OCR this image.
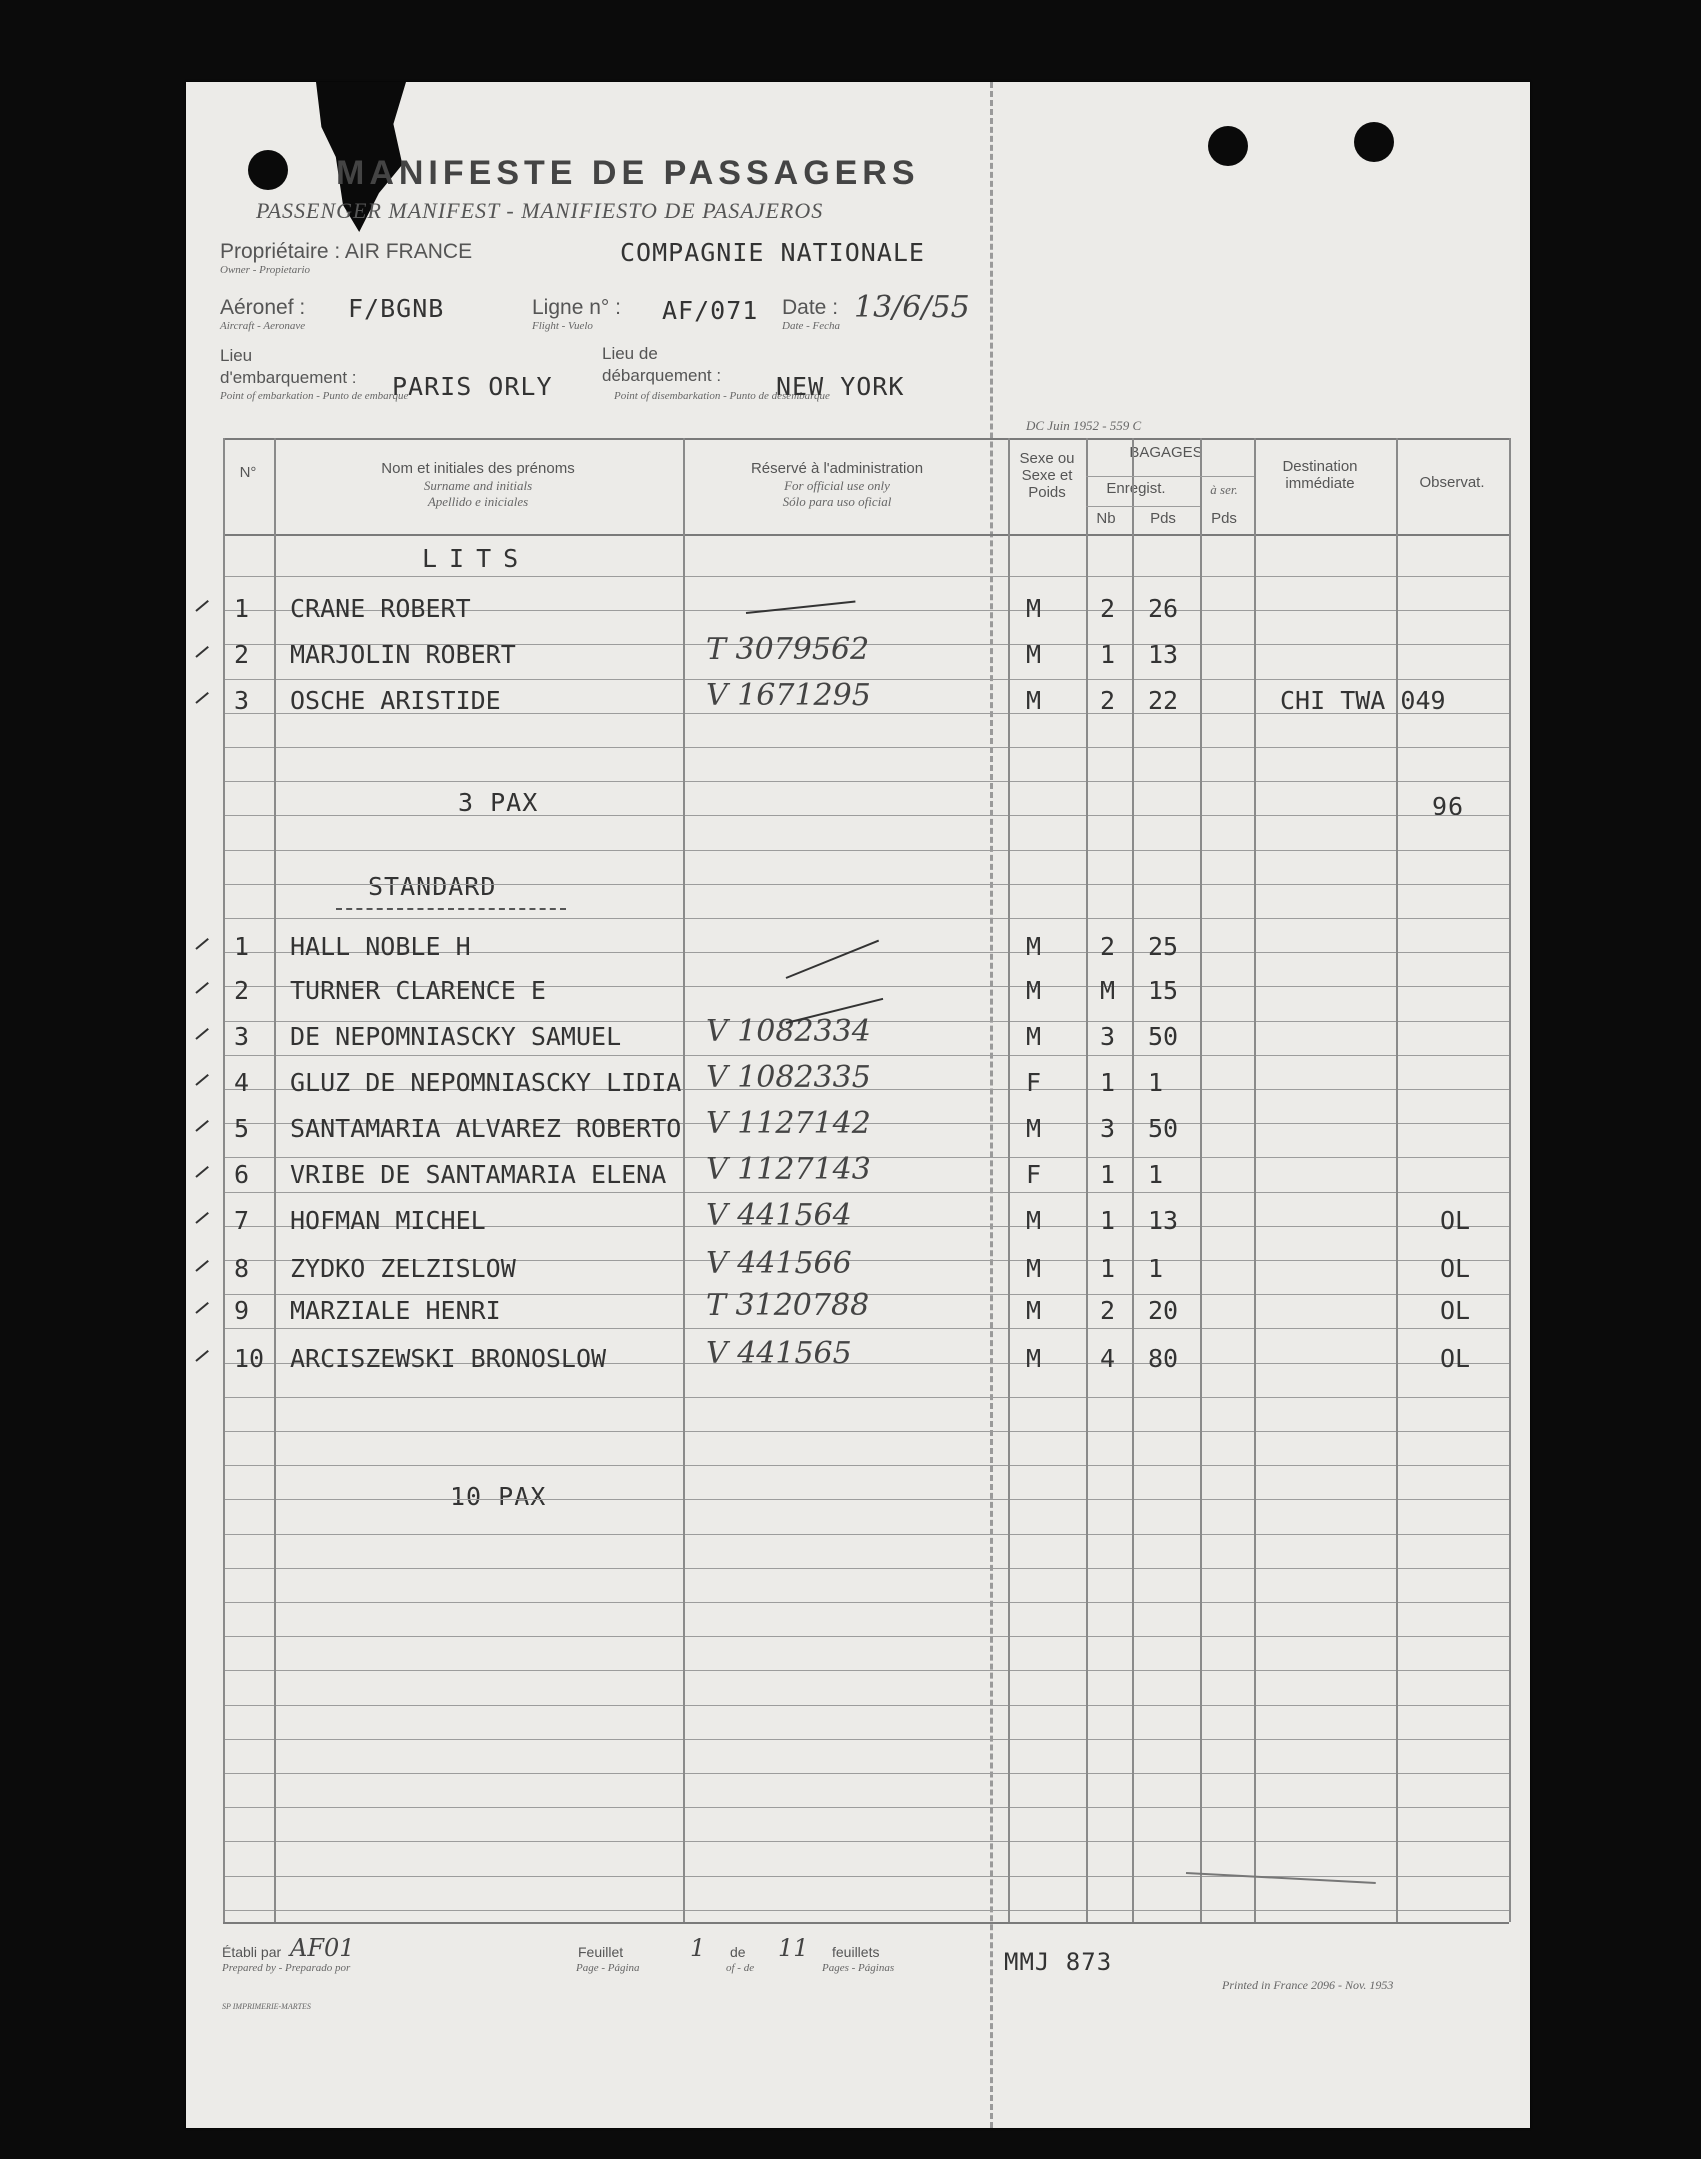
MANIFESTE DE PASSAGERS
PASSENGER MANIFEST - MANIFIESTO DE PASAJEROS
Propriétaire : AIR FRANCE
Owner - Propietario
COMPAGNIE NATIONALE
Aéronef :
Aircraft - Aeronave
F/BGNB	Ligne n° :
Flight - Vuelo
AF/071 Date :
Date - Fecha
13/6/55
Lieu
d'embarquement :
Point of embarkation - Punto de embarque
PARIS ORLY
Lieu de
débarquement :
Point of disembarkation - Punto de desembarque
NEW YORK
DC Juin 1952 - 559 C
N°	Nom et initiales des prénoms
Surname and initials
Apellido e iniciales
Réservé à l'administration
For official use only
Sólo para uso oficial
Sexe ou Sexe et Poids
BAGAGES
Enregist.
Nb	Pds
à ser.
Pds
Destination immédiate	Observat.
LITS
3 PAX	96
STANDARD
10 PAX
Établi par
Prepared by - Preparado por
AF01	Feuillet
Page - Página
1 de
of - de
11 feuillets
Pages - Páginas	MMJ 873
Printed in France 2096 - Nov. 1953
SP IMPRIMERIE-MARTES
1 CRANE ROBERT	M 2 26
2 MARJOLIN ROBERT	T 3079562	M 1 13
3 OSCHE ARISTIDE	V 1671295	M 2 22	CHI TWA 049
1 HALL NOBLE H	M 2 25
2 TURNER CLARENCE E	M M 15
3 DE NEPOMNIASCKY SAMUEL	V 1082334	M 3 50
4 GLUZ DE NEPOMNIASCKY LIDIA V 1082335	F 1 1
5 SANTAMARIA ALVAREZ ROBERTO V 1127142	M 3 50
6 VRIBE DE SANTAMARIA ELENA V 1127143	F 1 1
7 HOFMAN MICHEL	V 441564	M 1 13	OL
8 ZYDKO ZELZISLOW	V 441566	M 1 1	OL
9 MARZIALE HENRI	T 3120788	M 2 20	OL
10 ARCISZEWSKI BRONOSLOW	V 441565	M 4 80	OL
